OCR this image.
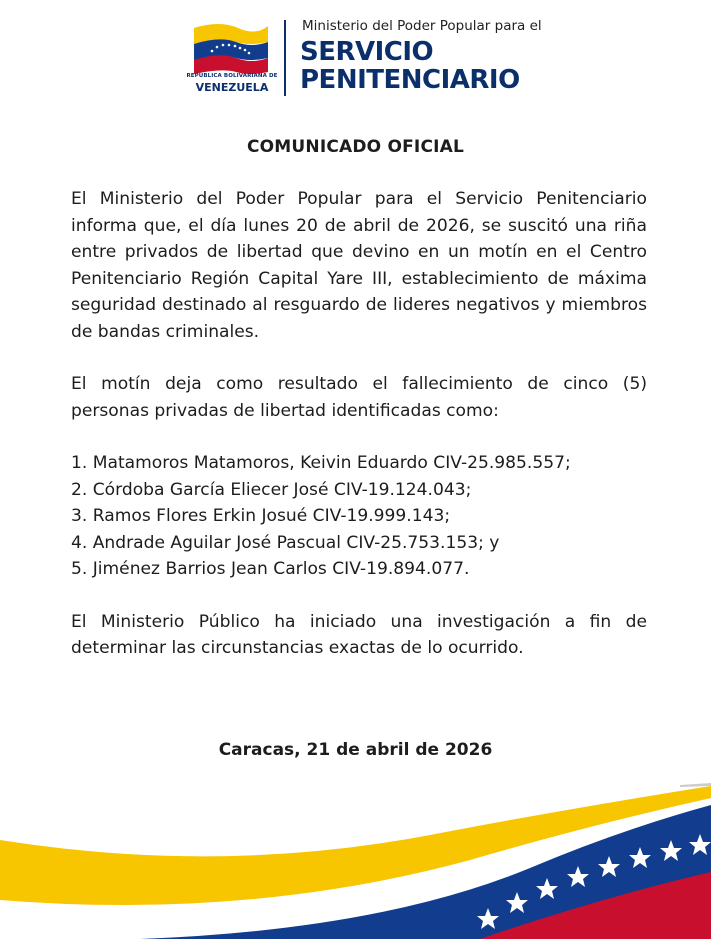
REPÚBLICA BOLIVARIANA DE
VENEZUELA
Ministerio del Poder Popular para el
SERVICIO
PENITENCIARIO
COMUNICADO OFICIAL

El Ministerio del Poder Popular para el Servicio Penitenciario informa que, el día lunes 20 de abril de 2026, se suscitó una riña entre privados de libertad que devino en un motín en el Centro Penitenciario Región Capital Yare III, establecimiento de máxima seguridad destinado al resguardo de lideres negativos y miembros de bandas criminales.

El motín deja como resultado el fallecimiento de cinco (5) personas privadas de libertad identificadas como:

1. Matamoros Matamoros, Keivin Eduardo CIV-25.985.557;
2. Córdoba García Eliecer José CIV-19.124.043;
3. Ramos Flores Erkin Josué CIV-19.999.143;
4. Andrade Aguilar José Pascual CIV-25.753.153; y
5. Jiménez Barrios Jean Carlos CIV-19.894.077.

El Ministerio Público ha iniciado una investigación a fin de determinar las circunstancias exactas de lo ocurrido.

Caracas, 21 de abril de 2026
